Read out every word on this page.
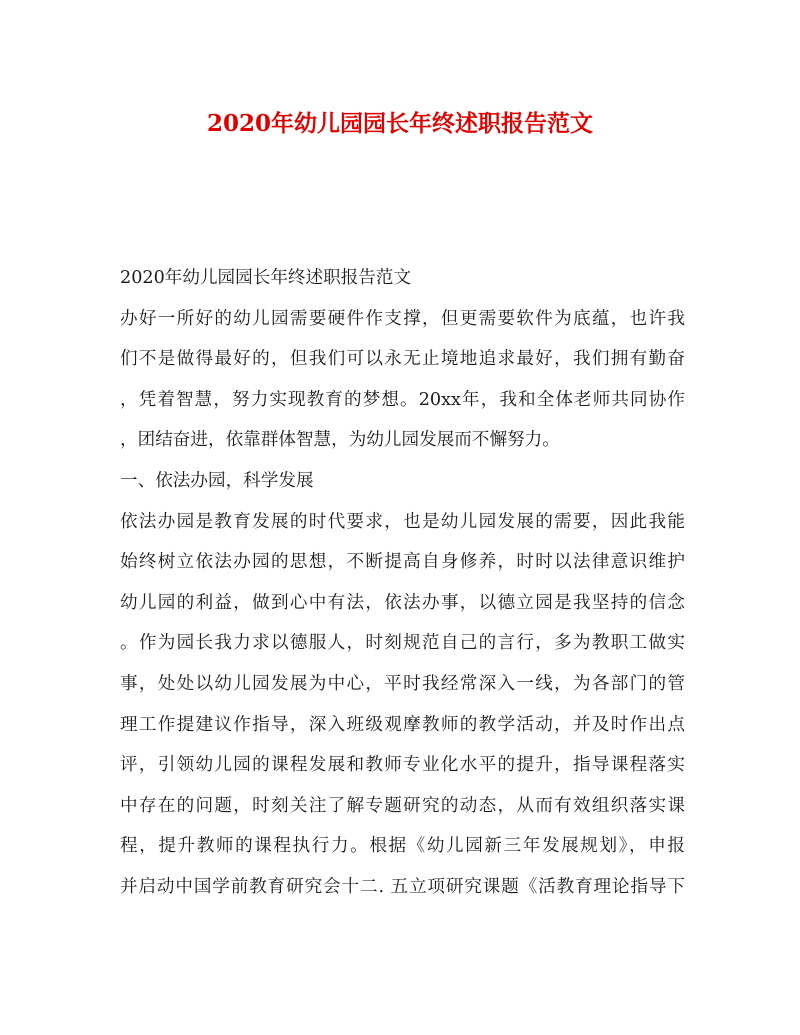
2020年幼儿园园长年终述职报告范文
2020年幼儿园园长年终述职报告范文
办好一所好的幼儿园需要硬件作支撑，但更需要软件为底蕴，也许我
们不是做得最好的，但我们可以永无止境地追求最好，我们拥有勤奋
，凭着智慧，努力实现教育的梦想。20xx年，我和全体老师共同协作
，团结奋进，依靠群体智慧，为幼儿园发展而不懈努力。
一、依法办园，科学发展
依法办园是教育发展的时代要求，也是幼儿园发展的需要，因此我能
始终树立依法办园的思想，不断提高自身修养，时时以法律意识维护
幼儿园的利益，做到心中有法，依法办事，以德立园是我坚持的信念
。作为园长我力求以德服人，时刻规范自己的言行，多为教职工做实
事，处处以幼儿园发展为中心，平时我经常深入一线，为各部门的管
理工作提建议作指导，深入班级观摩教师的教学活动，并及时作出点
评，引领幼儿园的课程发展和教师专业化水平的提升，指导课程落实
中存在的问题，时刻关注了解专题研究的动态，从而有效组织落实课
程，提升教师的课程执行力。根据《幼儿园新三年发展规划》，申报
并启动中国学前教育研究会十二. 五立项研究课题《活教育理论指导下
